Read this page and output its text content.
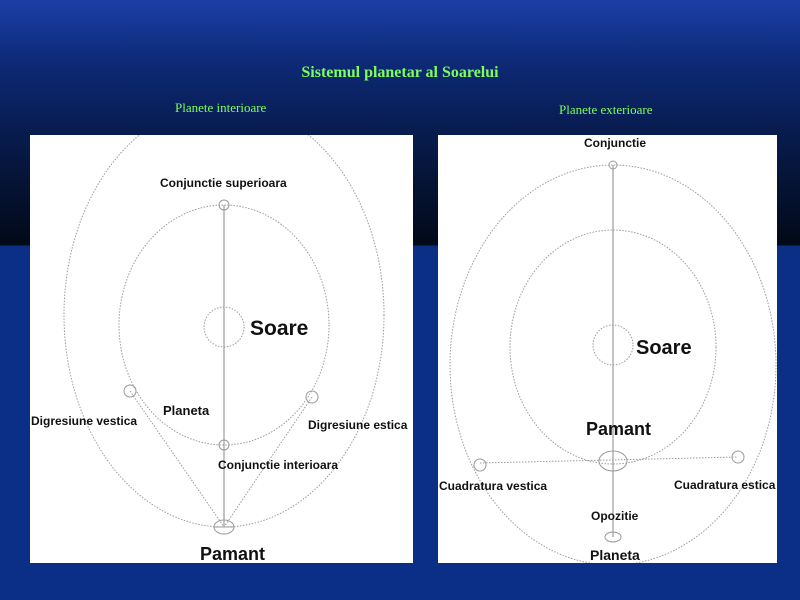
Sistemul planetar al Soarelui
Planete interioare	Planete exterioare
Conjunctie superioara
Soare
Planeta
Digresiune vestica	Digresiune estica
Conjunctie interioara
Pamant
Conjunctie
Soare
Pamant
Cuadratura vestica	Cuadratura estica
Opozitie
Planeta
